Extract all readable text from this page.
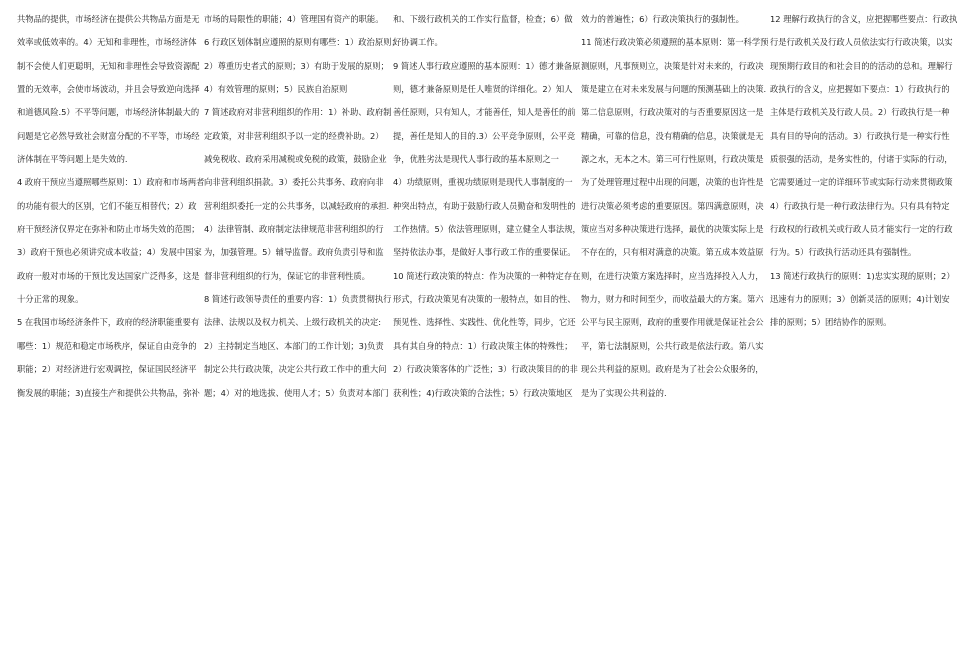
共物品的提供，市场经济在提供公共物品方面是无
效率或低效率的。4）无知和非理性，市场经济体
制不会使人们更聪明，无知和非理性会导致资源配
置的无效率，会使市场波动，并且会导致逆向选择
和道德风险.5）不平等问题，市场经济体制最大的
问题是它必然导致社会财富分配的不平等，市场经
济体制在平等问题上是失效的.
4 政府干预应当遵照哪些原则：1）政府和市场两者
的功能有很大的区别，它们不能互相替代；2）政
府干预经济仅界定在弥补和防止市场失效的范围；
3）政府干预也必须讲究成本收益；4）发展中国家
政府一般对市场的干预比发达国家广泛得多，这是
十分正常的现象。
5 在我国市场经济条件下，政府的经济职能重要有
哪些：1）规范和稳定市场秩序，保证自由竞争的
职能；2）对经济进行宏观调控，保证国民经济平
衡发展的职能；3)直接生产和提供公共物品，弥补
市场的局限性的职能；4）管理国有资产的职能。
6 行政区划体制应遵照的原则有哪些：1）政治原则；
2）尊重历史者式的原则；3）有助于发展的原则；
4）有效管理的原则；5）民族自治原则
7 简述政府对非营利组织的作用：1）补助、政府制
定政策，对非营利组织予以一定的经费补助。2）
减免税收、政府采用减税或免税的政策，鼓励企业
向非营利组织捐款。3）委托公共事务、政府向非
营利组织委托一定的公共事务，以减轻政府的承担.
4）法律管制、政府制定法律规范非营利组织的行
为，加强管理。5）辅导监督。政府负责引导和监
督非营利组织的行为，保证它的非营利性质。
8 简述行政领导责任的重要内容：1）负责贯彻执行
法律、法规以及权力机关、上级行政机关的决定:
2）主持制定当地区、本部门的工作计划；3)负责
制定公共行政决策，决定公共行政工作中的重大问
题；4）对的地选拔、使用人才；5）负责对本部门
和、下级行政机关的工作实行监督，检查；6）做
好协调工作。
9 简述人事行政应遵照的基本原则：1）德才兼备原
则，德才兼备原则是任人唯贤的详细化。2）知人
善任原则，只有知人，才能善任，知人是善任的前
提，善任是知人的目的.3）公平竞争原则，公平竞
争，优胜劣汰是现代人事行政的基本原则之一
4）功绩原则，重视功绩原则是现代人事制度的一
种突出特点，有助于鼓励行政人员勤奋和发明性的
工作热情。5）依法管理原则，建立健全人事法规，
坚持依法办事，是做好人事行政工作的重要保证。
10 简述行政决策的特点：作为决策的一种特定存在
形式，行政决策见有决策的一般特点，如目的性、
预见性、选择性、实践性、优化性等，同步，它还
具有其自身的特点：1）行政决策主体的特殊性；
2）行政决策客体的广泛性；3）行政决策目的的非
获利性；4)行政决策的合法性；5）行政决策地区
效力的普遍性；6）行政决策执行的强制性。
11 简述行政决策必须遵照的基本原则：第一科学预
测原则，凡事预则立，决策是针对未来的，行政决
策是建立在对未来发展与问题的预测基础上的决策.
第二信息原则，行政决策对的与否重要原因这一是
精确，可靠的信息，没有精确的信息，决策就是无
源之水，无本之木。第三可行性原则，行政决策是
为了处理管理过程中出现的问题，决策的也许性是
进行决策必须考虑的重要原因。第四满意原则，决
策应当对多种决策进行选择，最优的决策实际上是
不存在的，只有相对满意的决策。第五成本效益原
则，在进行决策方案选择时，应当选择投入人力，
物力，财力和时间至少，而收益最大的方案。第六
公平与民主原则，政府的重要作用就是保证社会公
平，第七法制原则，公共行政是依法行政。第八实
现公共利益的原则。政府是为了社会公众服务的，
是为了实现公共利益的.
12 理解行政执行的含义，应把握哪些要点：行政执
行是行政机关及行政人员依法实行行政决策，以实
现预期行政目的和社会目的的活动的总和。理解行
政执行的含义，应把握如下要点：1）行政执行的
主体是行政机关及行政人员。2）行政执行是一种
具有目的导向的活动。3）行政执行是一种实行性
质很强的活动，是务实性的，付诸于实际的行动，
它需要通过一定的详细环节或实际行动来贯彻政策
4）行政执行是一种行政法律行为。只有具有特定
行政权的行政机关或行政人员才能实行一定的行政
行为。5）行政执行活动还具有强制性。
13 简述行政执行的原则：1)忠实实现的原则；2）
迅速有力的原则；3）创新灵活的原则；4)计划安
排的原则；5）团结协作的原则。
